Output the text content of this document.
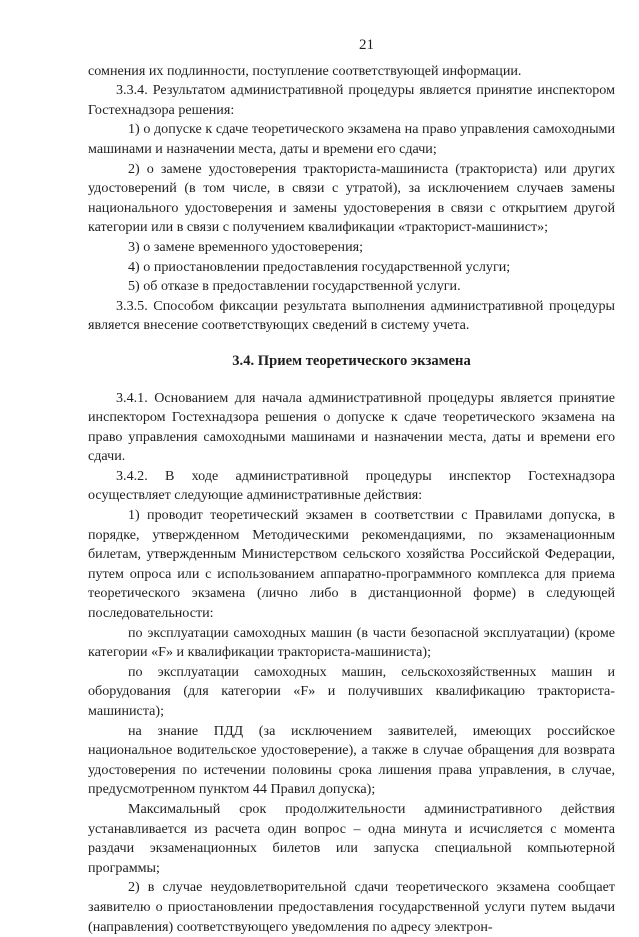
21

сомнения их подлинности, поступление соответствующей информации.

3.3.4. Результатом административной процедуры является принятие инспектором Гостехнадзора решения:

1) о допуске к сдаче теоретического экзамена на право управления самоходными машинами и назначении места, даты и времени его сдачи;

2) о замене удостоверения тракториста-машиниста (тракториста) или других удостоверений (в том числе, в связи с утратой), за исключением случаев замены национального удостоверения и замены удостоверения в связи с открытием другой категории или в связи с получением квалификации «тракторист-машинист»;

3) о замене временного удостоверения;

4) о приостановлении предоставления государственной услуги;

5) об отказе в предоставлении государственной услуги.

3.3.5. Способом фиксации результата выполнения административной процедуры является внесение соответствующих сведений в систему учета.

3.4. Прием теоретического экзамена

3.4.1. Основанием для начала административной процедуры является принятие инспектором Гостехнадзора решения о допуске к сдаче теоретического экзамена на право управления самоходными машинами и назначении места, даты и времени его сдачи.

3.4.2. В ходе административной процедуры инспектор Гостехнадзора осуществляет следующие административные действия:

1) проводит теоретический экзамен в соответствии с Правилами допуска, в порядке, утвержденном Методическими рекомендациями, по экзаменационным билетам, утвержденным Министерством сельского хозяйства Российской Федерации, путем опроса или с использованием аппаратно-программного комплекса для приема теоретического экзамена (лично либо в дистанционной форме) в следующей последовательности:

по эксплуатации самоходных машин (в части безопасной эксплуатации) (кроме категории «F» и квалификации тракториста-машиниста);

по эксплуатации самоходных машин, сельскохозяйственных машин и оборудования (для категории «F» и получивших квалификацию тракториста-машиниста);

на знание ПДД (за исключением заявителей, имеющих российское национальное водительское удостоверение), а также в случае обращения для возврата удостоверения по истечении половины срока лишения права управления, в случае, предусмотренном пунктом 44 Правил допуска);

Максимальный срок продолжительности административного действия устанавливается из расчета один вопрос – одна минута и исчисляется с момента раздачи экзаменационных билетов или запуска специальной компьютерной программы;

2) в случае неудовлетворительной сдачи теоретического экзамена сообщает заявителю о приостановлении предоставления государственной услуги путем выдачи (направления) соответствующего уведомления по адресу электрон-
